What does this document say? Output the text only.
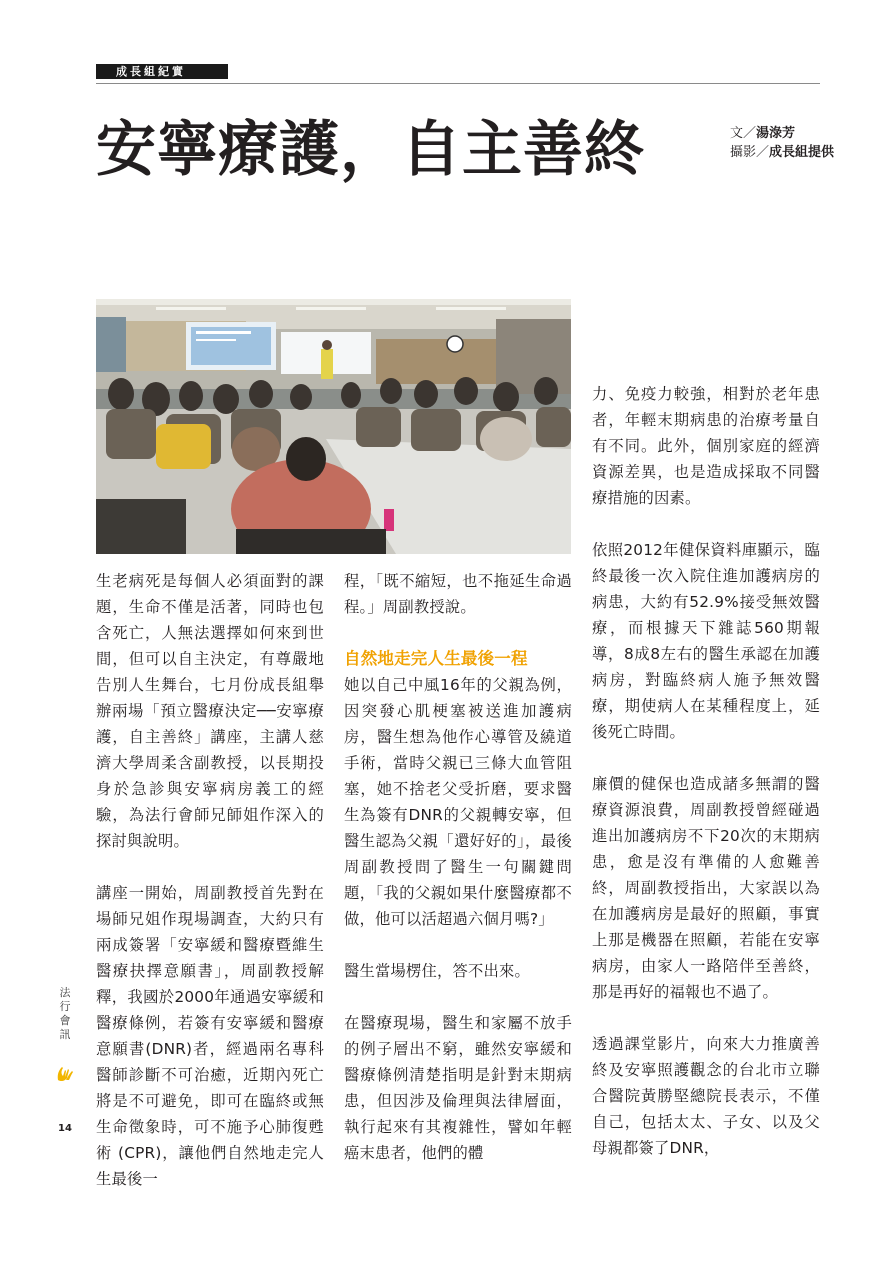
成長組紀實
安寧療護，自主善終	文／湯淥芳
攝影／成長組提供

生老病死是每個人必須面對的課題，生命不僅是活著，同時也包含死亡，人無法選擇如何來到世間，但可以自主決定，有尊嚴地告別人生舞台，七月份成長組舉辦兩場「預立醫療決定──安寧療護，自主善終」講座，主講人慈濟大學周柔含副教授，以長期投身於急診與安寧病房義工的經驗，為法行會師兄師姐作深入的探討與說明。

講座一開始，周副教授首先對在場師兄姐作現場調查，大約只有兩成簽署「安寧緩和醫療暨維生醫療抉擇意願書」，周副教授解釋，我國於2000年通過安寧緩和醫療條例，若簽有安寧緩和醫療意願書(DNR)者，經過兩名專科醫師診斷不可治癒，近期內死亡將是不可避免，即可在臨終或無生命徵象時，可不施予心肺復甦術 (CPR)，讓他們自然地走完人生最後一

程，「既不縮短，也不拖延生命過程。」周副教授說。

自然地走完人生最後一程

她以自己中風16年的父親為例，因突發心肌梗塞被送進加護病房，醫生想為他作心導管及繞道手術，當時父親已三條大血管阻塞，她不捨老父受折磨，要求醫生為簽有DNR的父親轉安寧，但醫生認為父親「還好好的」，最後周副教授問了醫生一句關鍵問題，「我的父親如果什麼醫療都不做，他可以活超過六個月嗎?」

醫生當場楞住，答不出來。

在醫療現場，醫生和家屬不放手的例子層出不窮，雖然安寧緩和醫療條例清楚指明是針對末期病患，但因涉及倫理與法律層面，執行起來有其複雜性，譬如年輕癌末患者，他們的體

力、免疫力較強，相對於老年患者，年輕末期病患的治療考量自有不同。此外，個別家庭的經濟資源差異，也是造成採取不同醫療措施的因素。

依照2012年健保資料庫顯示，臨終最後一次入院住進加護病房的病患，大約有52.9%接受無效醫療，而根據天下雜誌560期報導，8成8左右的醫生承認在加護病房，對臨終病人施予無效醫療，期使病人在某種程度上，延後死亡時間。

廉價的健保也造成諸多無謂的醫療資源浪費，周副教授曾經碰過進出加護病房不下20次的末期病患，愈是沒有準備的人愈難善終，周副教授指出，大家誤以為在加護病房是最好的照顧，事實上那是機器在照顧，若能在安寧病房，由家人一路陪伴至善終，那是再好的福報也不過了。

透過課堂影片，向來大力推廣善終及安寧照護觀念的台北市立聯合醫院黃勝堅總院長表示，不僅自己，包括太太、子女、以及父母親都簽了DNR，

法行會訊
14
